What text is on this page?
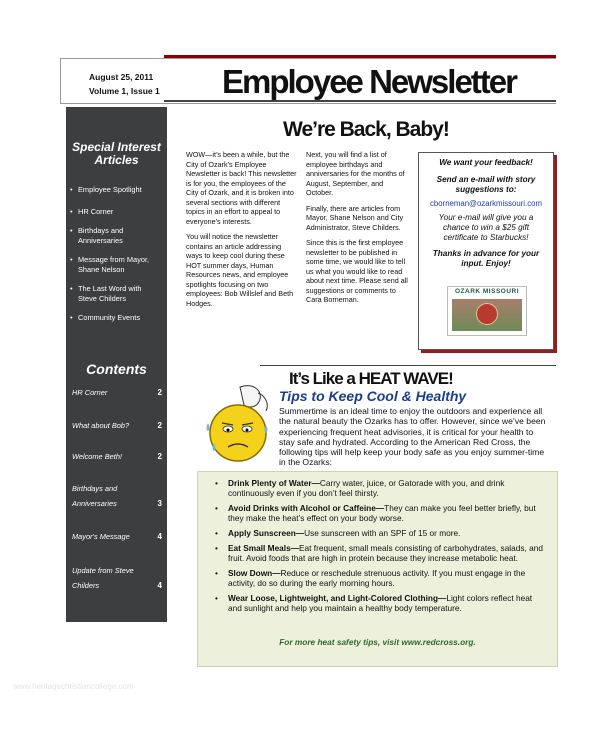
August 25, 2011
Volume 1, Issue 1 Employee Newsletter
Special Interest
Articles
• Employee Spotlight
• HR Corner
• Birthdays and Anniversaries
• Message from Mayor, Shane Nelson
• The Last Word with Steve Childers
• Community Events
Contents
HR Corner	2
What about Bob?	2
Welcome Beth!	2
Birthdays and
Anniversaries	3
Mayor's Message	4
Update from Steve
Childers	4
We’re Back, Baby!

WOW—it’s been a while, but the City of Ozark’s Employee Newsletter is back! This newsletter is for you, the employees of the City of Ozark, and it is broken into several sections with different topics in an effort to appeal to everyone’s interests.

You will notice the newsletter contains an article addressing ways to keep cool during these HOT summer days, Human Resources news, and employee spotlights focusing on two employees: Bob Willslef and Beth Hodges.

Next, you will find a list of employee birthdays and anniversaries for the months of August, September, and October.

Finally, there are articles from Mayor, Shane Nelson and City Administrator, Steve Childers.

Since this is the first employee newsletter to be published in some time, we would like to tell us what you would like to read about next time. Please send all suggestions or comments to Cara Borneman.

We want your feedback!
Send an e-mail with story suggestions to:
cborneman@ozarkmissouri.com
Your e-mail will give you a chance to win a $25 gift certificate to Starbucks!
Thanks in advance for your input. Enjoy!
OZARK MISSOURI
It’s Like a HEAT WAVE!
Tips to Keep Cool & Healthy
Summertime is an ideal time to enjoy the outdoors and experience all the natural beauty the Ozarks has to offer. However, since we’ve been experiencing frequent heat advisories, it is critical for your health to stay safe and hydrated. According to the American Red Cross, the following tips will help keep your body safe as you enjoy summer-time in the Ozarks:
• Drink Plenty of Water—Carry water, juice, or Gatorade with you, and drink continuously even if you don’t feel thirsty.
• Avoid Drinks with Alcohol or Caffeine—They can make you feel better briefly, but they make the heat’s effect on your body worse.
• Apply Sunscreen—Use sunscreen with an SPF of 15 or more.
• Eat Small Meals—Eat frequent, small meals consisting of carbohydrates, salads, and fruit. Avoid foods that are high in protein because they increase metabolic heat.
• Slow Down—Reduce or reschedule strenuous activity. If you must engage in the activity, do so during the early morning hours.
• Wear Loose, Lightweight, and Light-Colored Clothing—Light colors reflect heat and sunlight and help you maintain a healthy body temperature.
For more heat safety tips, visit www.redcross.org.
www.heritagechristiancollege.com
